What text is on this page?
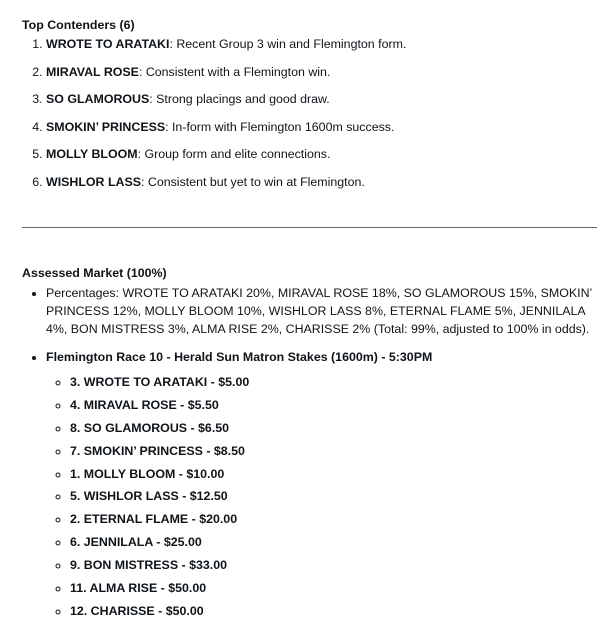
Top Contenders (6)
1. WROTE TO ARATAKI: Recent Group 3 win and Flemington form.
2. MIRAVAL ROSE: Consistent with a Flemington win.
3. SO GLAMOROUS: Strong placings and good draw.
4. SMOKIN’ PRINCESS: In-form with Flemington 1600m success.
5. MOLLY BLOOM: Group form and elite connections.
6. WISHLOR LASS: Consistent but yet to win at Flemington.
Assessed Market (100%)
• Percentages: WROTE TO ARATAKI 20%, MIRAVAL ROSE 18%, SO GLAMOROUS 15%, SMOKIN’ PRINCESS 12%, MOLLY BLOOM 10%, WISHLOR LASS 8%, ETERNAL FLAME 5%, JENNILALA 4%, BON MISTRESS 3%, ALMA RISE 2%, CHARISSE 2% (Total: 99%, adjusted to 100% in odds).
• Flemington Race 10 - Herald Sun Matron Stakes (1600m) - 5:30PM
◦ 3. WROTE TO ARATAKI - $5.00
◦ 4. MIRAVAL ROSE - $5.50
◦ 8. SO GLAMOROUS - $6.50
◦ 7. SMOKIN’ PRINCESS - $8.50
◦ 1. MOLLY BLOOM - $10.00
◦ 5. WISHLOR LASS - $12.50
◦ 2. ETERNAL FLAME - $20.00
◦ 6. JENNILALA - $25.00
◦ 9. BON MISTRESS - $33.00
◦ 11. ALMA RISE - $50.00
◦ 12. CHARISSE - $50.00
